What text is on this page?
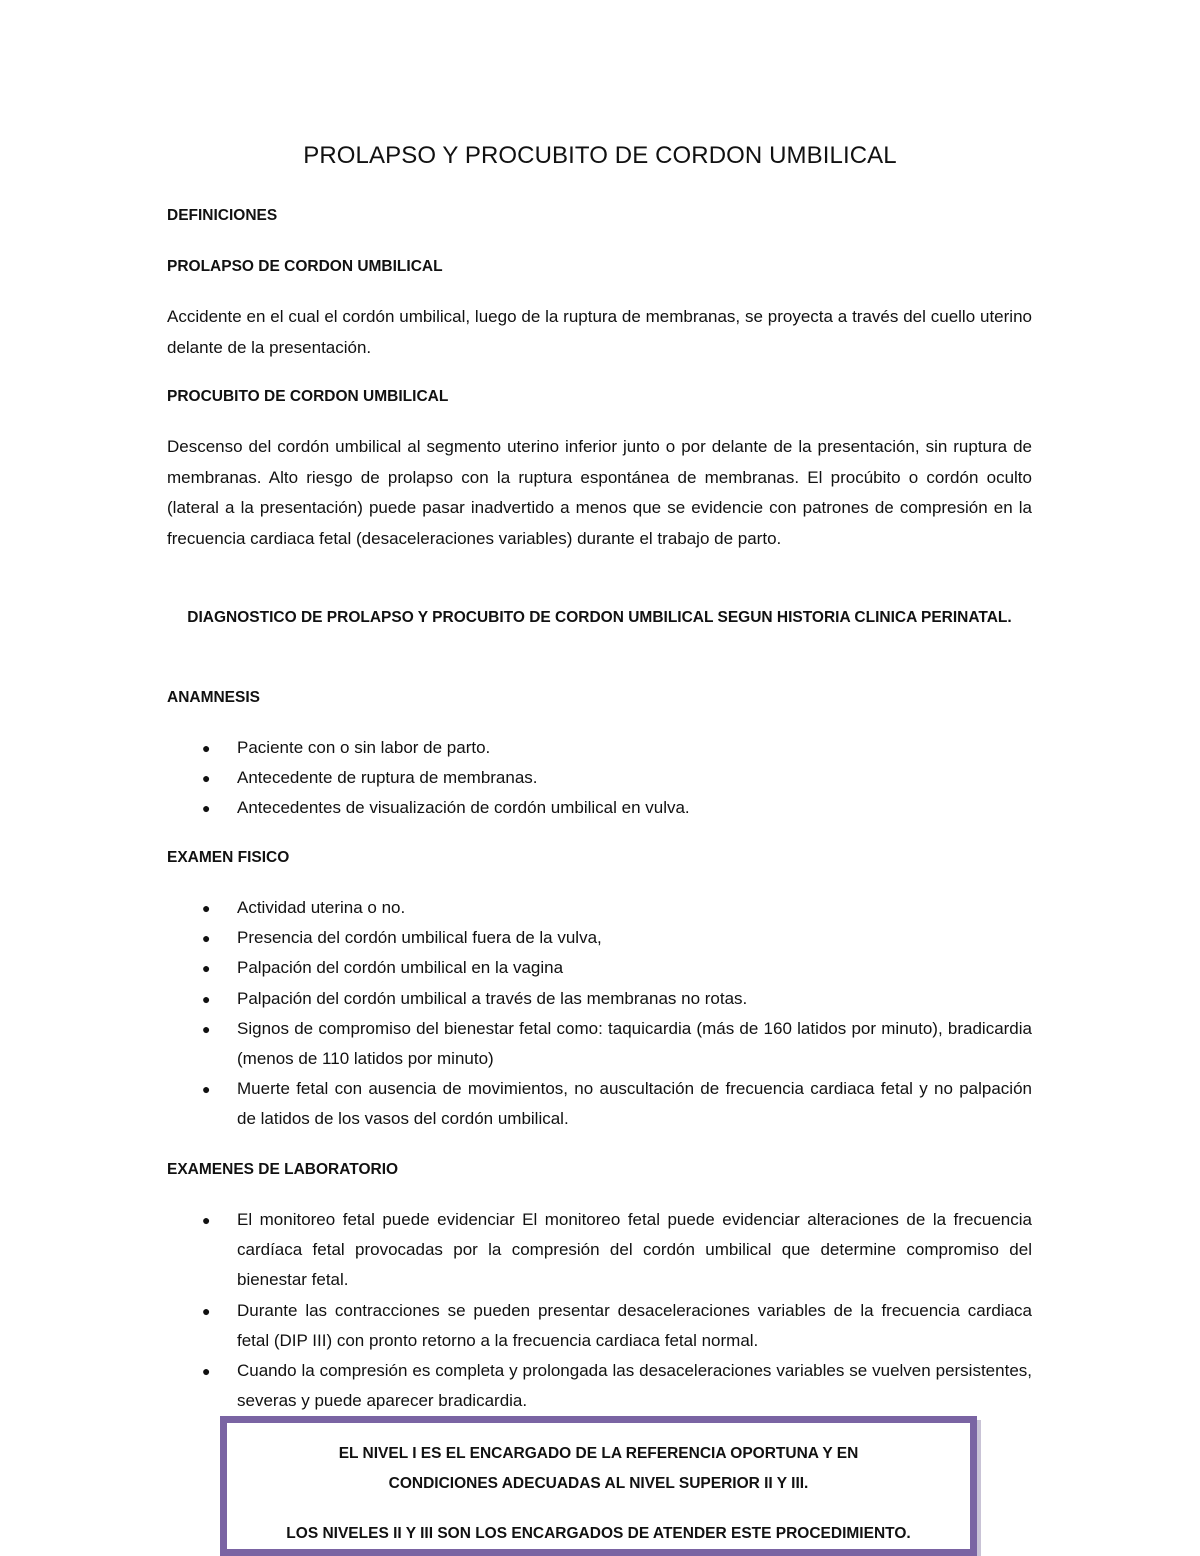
PROLAPSO Y PROCUBITO DE CORDON UMBILICAL
DEFINICIONES
PROLAPSO DE CORDON UMBILICAL

Accidente en el cual el cordón umbilical, luego de la ruptura de membranas, se proyecta a través del cuello uterino delante de la presentación.

PROCUBITO DE CORDON UMBILICAL

Descenso del cordón umbilical al segmento uterino inferior junto o por delante de la presentación, sin ruptura de membranas. Alto riesgo de prolapso con la ruptura espontánea de membranas. El procúbito o cordón oculto (lateral a la presentación) puede pasar inadvertido a menos que se evidencie con patrones de compresión en la frecuencia cardiaca fetal (desaceleraciones variables) durante el trabajo de parto.

DIAGNOSTICO DE PROLAPSO Y PROCUBITO DE CORDON UMBILICAL SEGUN HISTORIA CLINICA PERINATAL.
ANAMNESIS
● Paciente con o sin labor de parto.
● Antecedente de ruptura de membranas.
● Antecedentes de visualización de cordón umbilical en vulva.
EXAMEN FISICO
● Actividad uterina o no.
● Presencia del cordón umbilical fuera de la vulva,
● Palpación del cordón umbilical en la vagina
● Palpación del cordón umbilical a través de las membranas no rotas.
● Signos de compromiso del bienestar fetal como: taquicardia (más de 160 latidos por minuto), bradicardia (menos de 110 latidos por minuto)
● Muerte fetal con ausencia de movimientos, no auscultación de frecuencia cardiaca fetal y no palpación de latidos de los vasos del cordón umbilical.
EXAMENES DE LABORATORIO
● El monitoreo fetal puede evidenciar El monitoreo fetal puede evidenciar alteraciones de la frecuencia cardíaca fetal provocadas por la compresión del cordón umbilical que determine compromiso del bienestar fetal.
● Durante las contracciones se pueden presentar desaceleraciones variables de la frecuencia cardiaca fetal (DIP III) con pronto retorno a la frecuencia cardiaca fetal normal.
● Cuando la compresión es completa y prolongada las desaceleraciones variables se vuelven persistentes, severas y puede aparecer bradicardia.
EL NIVEL I ES EL ENCARGADO DE LA REFERENCIA OPORTUNA Y EN
CONDICIONES ADECUADAS AL NIVEL SUPERIOR II Y III.
LOS NIVELES II Y III SON LOS ENCARGADOS DE ATENDER ESTE PROCEDIMIENTO.
